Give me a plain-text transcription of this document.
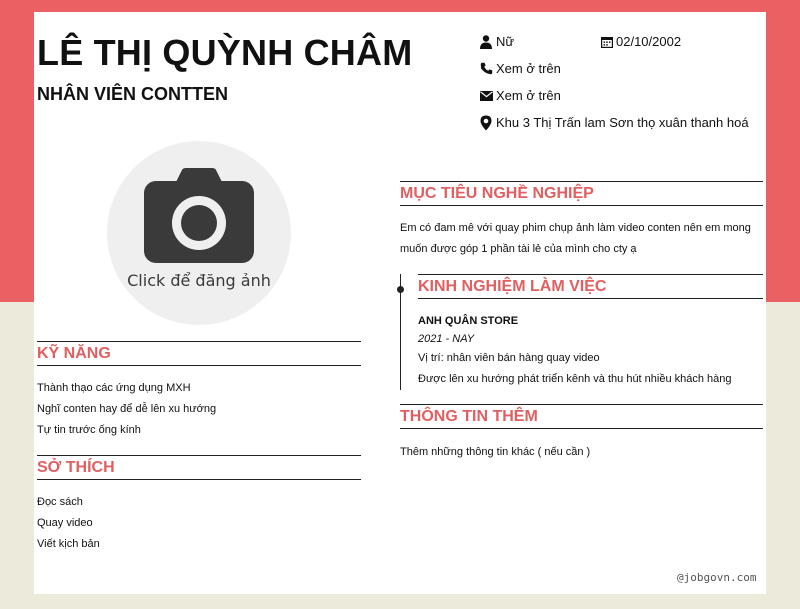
LÊ THỊ QUỲNH CHÂM
NHÂN VIÊN CONTTEN
Nữ	02/10/2002
Xem ở trên
Xem ở trên
Khu 3 Thị Trấn lam Sơn thọ xuân thanh hoá
Click để đăng ảnh
KỸ NĂNG
Thành thạo các ứng dụng MXH
Nghĩ conten hay để dễ lên xu hướng
Tự tin trước ống kính
SỞ THÍCH
Đọc sách
Quay video
Viết kịch bản
MỤC TIÊU NGHỀ NGHIỆP
Em có đam mê với quay phim chụp ảnh làm video conten nên em mong
muốn được góp 1 phần tài lẻ của mình cho cty ạ
KINH NGHIỆM LÀM VIỆC
ANH QUÂN STORE
2021 - NAY
Vị trí: nhân viên bán hàng quay video
Được lên xu hướng phát triển kênh và thu hút nhiều khách hàng
THÔNG TIN THÊM
Thêm những thông tin khác ( nếu cần )
@jobgovn.com
